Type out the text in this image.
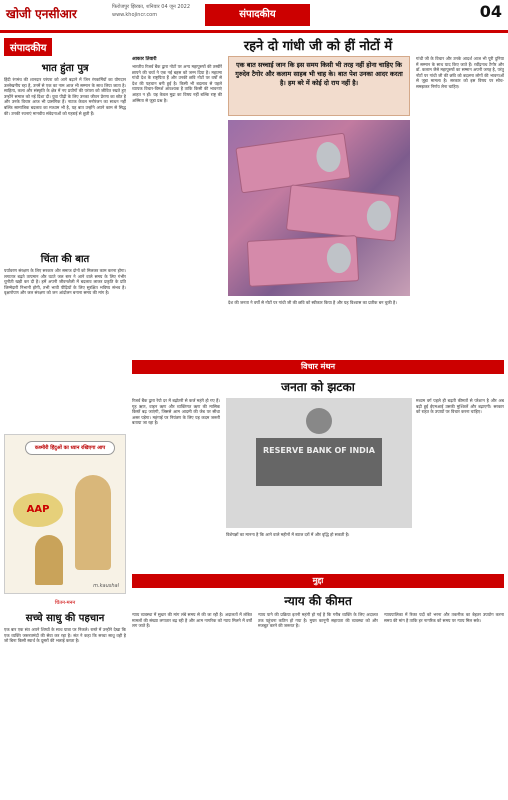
खोजी एनसीआर	फिरोजपुर झिरका, शनिवार 04 जून 2022
www.khojincr.com	संपादकीय	04
संपादकीय
भात हुंता पुत्र
हिंदी रंगमंच की शानदार परंपरा को आगे बढ़ाने में जिन रंगकर्मियों का योगदान उल्लेखनीय रहा है, उनमें से एक का नाम आज भी सम्मान के साथ लिया जाता है। साहित्य, कला और संस्कृति के क्षेत्र में नए प्रयोगों की परंपरा को जीवित रखते हुए उन्होंने समाज को नई दिशा दी। युवा पीढ़ी के लिए उनका जीवन प्रेरणा का स्रोत है और उनके विचार आज भी प्रासंगिक हैं। नाटक केवल मनोरंजन का साधन नहीं बल्कि सामाजिक बदलाव का माध्यम भी है, यह बात उन्होंने अपने काम से सिद्ध की। उनकी रचनाएं मानवीय संवेदनाओं को गहराई से छूती हैं।
चिंता की बात
पर्यावरण संरक्षण के लिए सरकार और समाज दोनों को मिलकर काम करना होगा। लगातार बढ़ते तापमान और घटते जल स्तर ने आने वाले समय के लिए गंभीर चुनौती खड़ी कर दी है। हमें अपनी जीवनशैली में बदलाव लाकर प्रकृति के प्रति जिम्मेदारी निभानी होगी, तभी भावी पीढ़ियों के लिए सुरक्षित भविष्य संभव है। वृक्षारोपण और जल संरक्षण को जन आंदोलन बनाना समय की मांग है।
कश्मीरी हिंदुओं का ध्यान रखिएगा आप
AAP
m.kaushal
चिंतन-मनन
सच्चे साधु की पहचान
एक बार एक संत अपने शिष्यों के साथ यात्रा पर निकले। रास्ते में उन्होंने देखा कि एक व्यक्ति जरूरतमंदों की सेवा कर रहा है। संत ने कहा कि सच्चा साधु वही है जो बिना किसी स्वार्थ के दूसरों की भलाई करता है।
रहने दो गांधी जी को हीं नोटों में
आकार तिवारी
भारतीय रिजर्व बैंक द्वारा नोटों पर अन्य महापुरुषों की तस्वीरें छापने की चर्चा ने एक नई बहस को जन्म दिया है। महात्मा गांधी देश के राष्ट्रपिता हैं और उनकी छवि नोटों पर वर्षों से देश की पहचान बनी हुई है। किसी भी बदलाव से पहले व्यापक विचार-विमर्श आवश्यक है ताकि किसी की भावनाएं आहत न हों। यह केवल मुद्रा का विषय नहीं बल्कि राष्ट्र की अस्मिता से जुड़ा प्रश्न है।
एक बात सच्चाई जान कि इस समय किसी भी तरह नहीं होना चाहिए कि गुरुदेव टैगोर और कलाम साहब भी चाह के। बात पेश उनका आदर करता है। हम बरे में कोई दो राय नहीं है।
देश की जनता ने वर्षों से नोटों पर गांधी जी की छवि को स्वीकार किया है और यह विश्वास का प्रतीक बन चुकी है।
गांधी जी के विचार और उनके आदर्श आज भी पूरी दुनिया में सम्मान के साथ याद किए जाते हैं। रवींद्रनाथ टैगोर और डॉ. कलाम जैसे महापुरुषों का सम्मान अपनी जगह है, परंतु नोटों पर गांधी जी की छवि को बदलना लोगों की भावनाओं से जुड़ा मामला है। सरकार को इस विषय पर सोच-समझकर निर्णय लेना चाहिए।
विचार मंथन
जनता को झटका
रिजर्व बैंक द्वारा रेपो दर में बढ़ोतरी से कर्ज महंगे हो गए हैं। गृह ऋण, वाहन ऋण और व्यक्तिगत ऋण की मासिक किस्तें बढ़ जाएंगी, जिससे आम आदमी की जेब पर सीधा असर पड़ेगा। महंगाई पर नियंत्रण के लिए यह कदम जरूरी बताया जा रहा है।
RESERVE BANK OF INDIA
विशेषज्ञों का मानना है कि आने वाले महीनों में ब्याज दरों में और वृद्धि हो सकती है।
मध्यम वर्ग पहले ही बढ़ती कीमतों से परेशान है और अब बढ़ी हुई ईएमआई उसकी मुश्किलें और बढ़ाएगी। सरकार को राहत के उपायों पर विचार करना चाहिए।
मुद्दा
न्याय की कीमत
न्याय व्यवस्था में सुधार की मांग लंबे समय से की जा रही है। अदालतों में लंबित मामलों की संख्या लगातार बढ़ रही है और आम नागरिक को न्याय मिलने में वर्षों लग जाते हैं।
न्याय पाने की प्रक्रिया इतनी महंगी हो गई है कि गरीब व्यक्ति के लिए अदालत तक पहुंचना कठिन हो गया है। मुफ्त कानूनी सहायता की व्यवस्था को और मजबूत करने की जरूरत है।
न्यायपालिका में रिक्त पदों को भरना और तकनीक का बेहतर उपयोग करना समय की मांग है ताकि हर नागरिक को समय पर न्याय मिल सके।
